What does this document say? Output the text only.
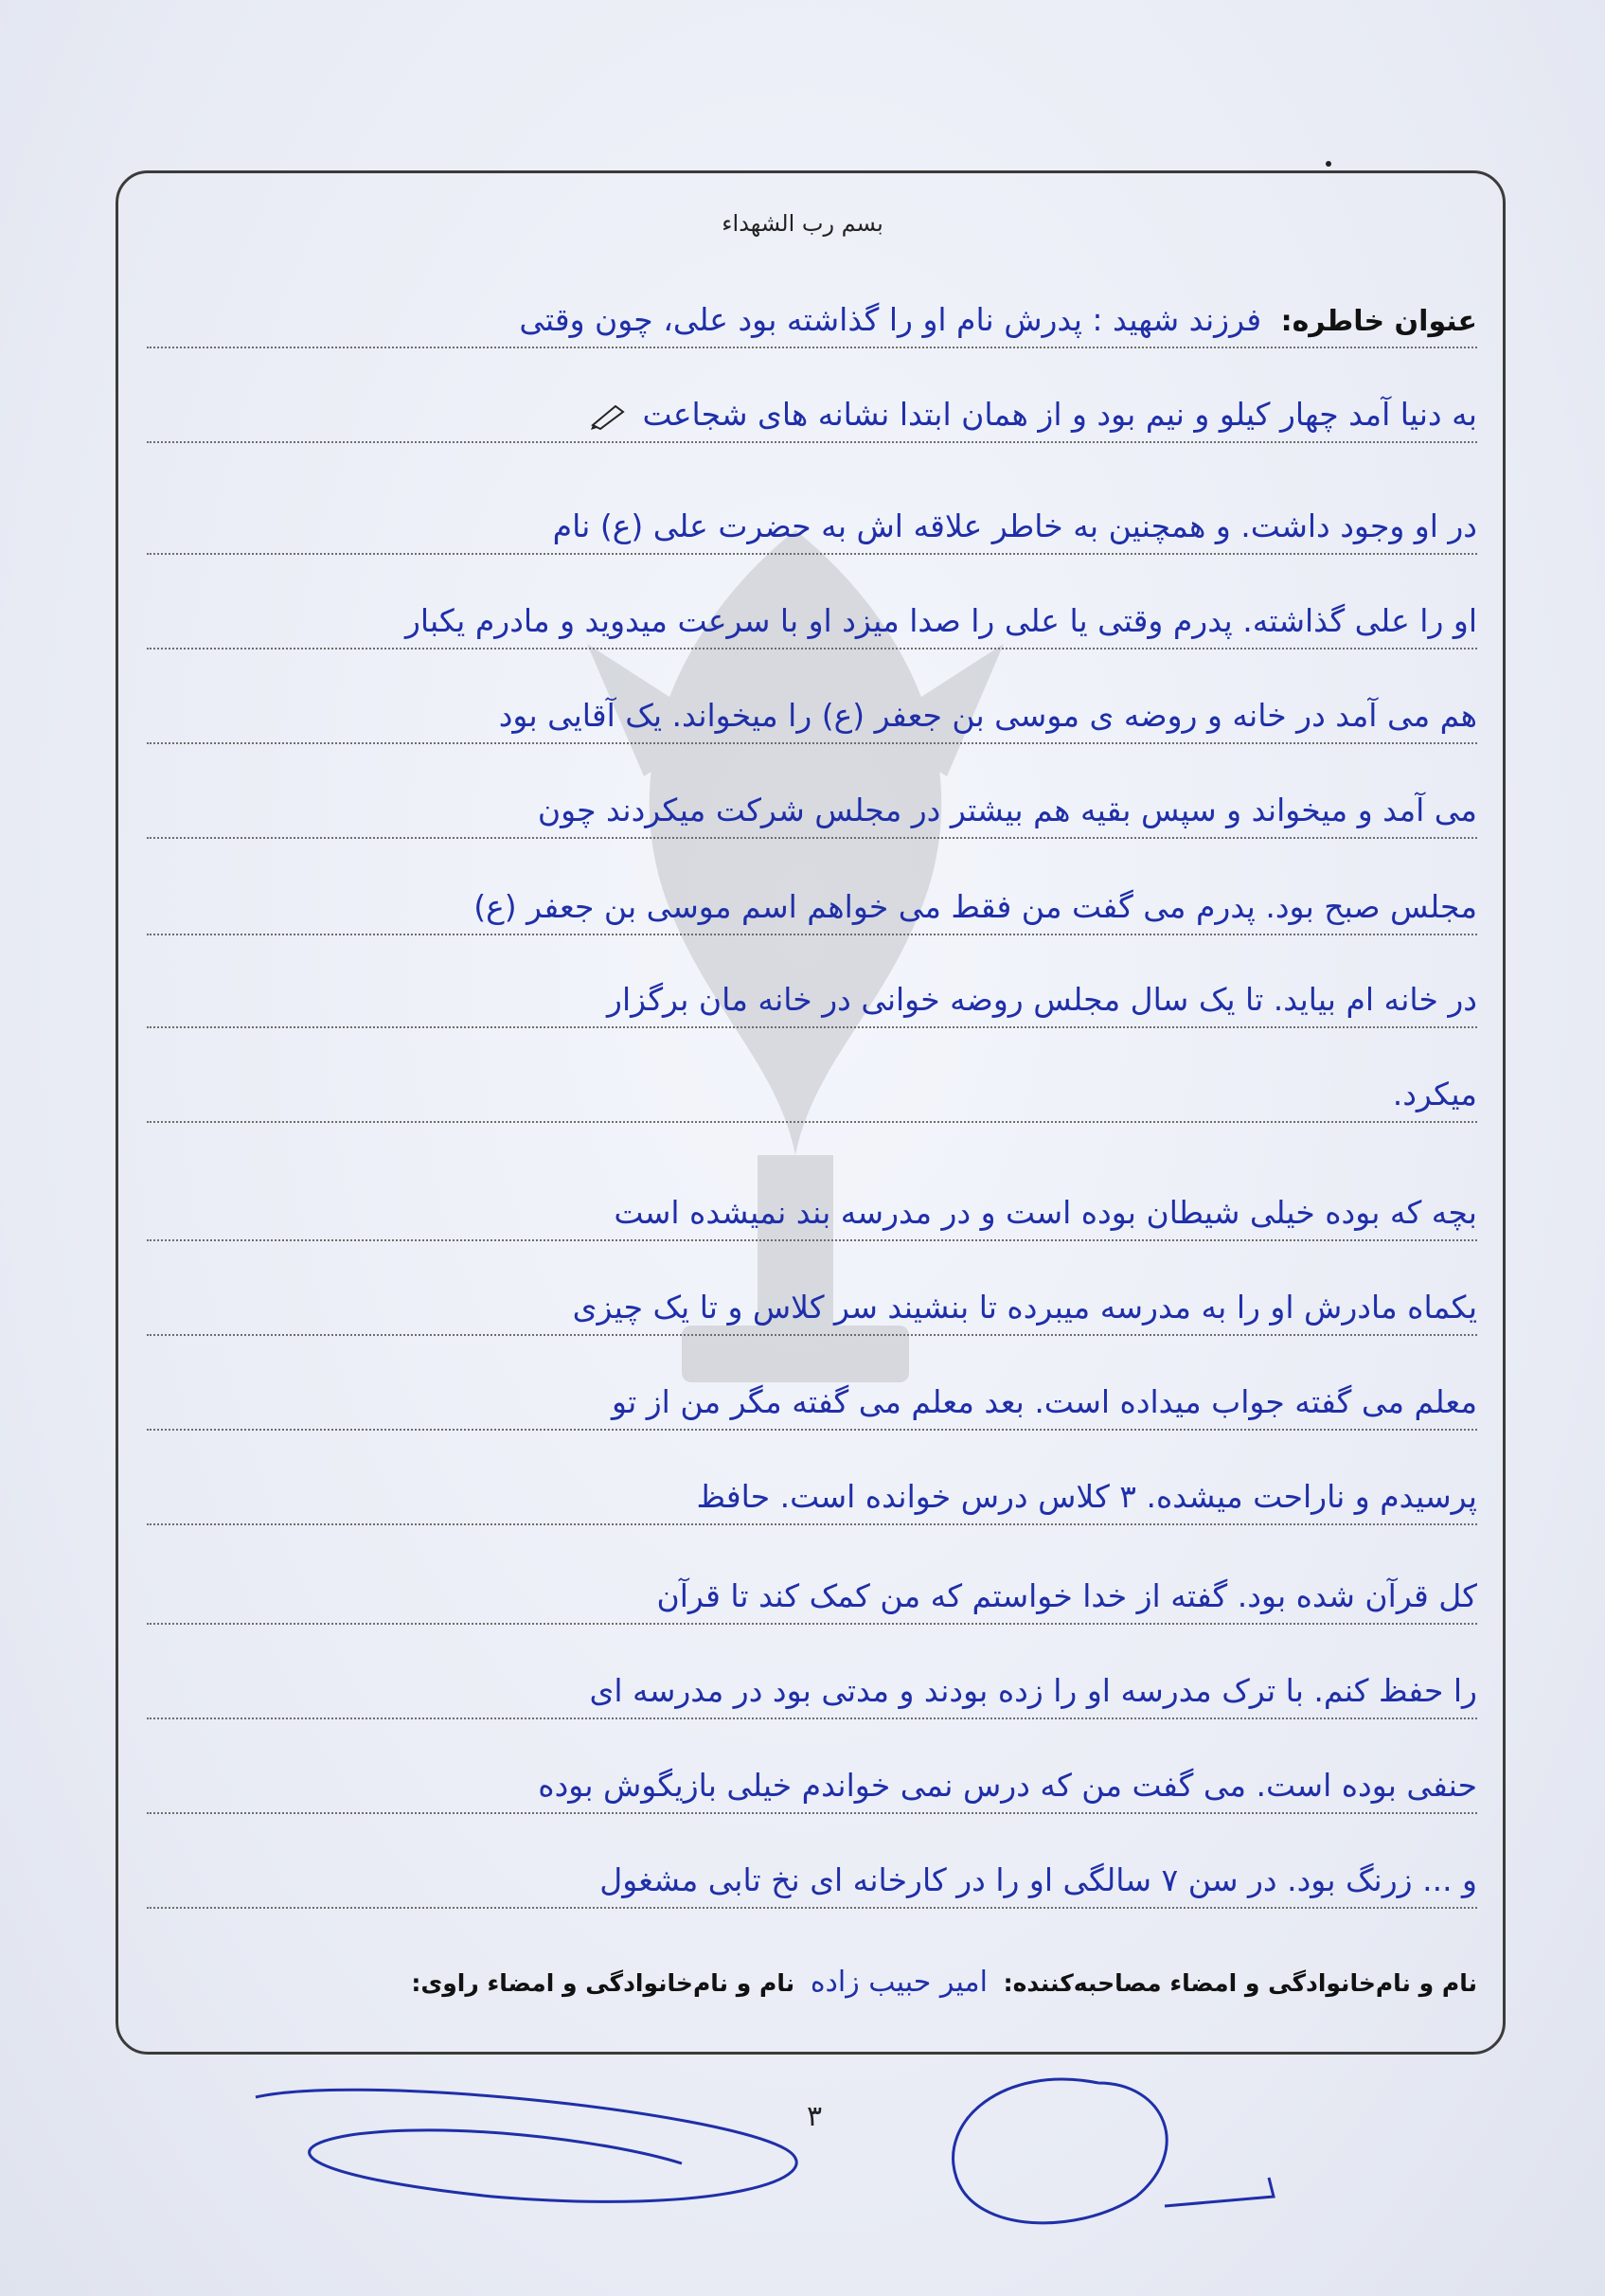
بسم رب الشهداء
عنوان خاطره: فرزند شهید : پدرش نام او را گذاشته بود علی، چون وقتی
به دنیا آمد چهار کیلو و نیم بود و از همان ابتدا نشانه های شجاعت
در او وجود داشت. و همچنین به خاطر علاقه اش به حضرت علی (ع) نام
او را علی گذاشته. پدرم وقتی یا علی را صدا میزد او با سرعت میدوید و مادرم یکبار
هم می آمد در خانه و روضه ی موسی بن جعفر (ع) را میخواند. یک آقایی بود
می آمد و میخواند و سپس بقیه هم بیشتر در مجلس شرکت میکردند چون
مجلس صبح بود. پدرم می گفت من فقط می خواهم اسم موسی بن جعفر (ع)
در خانه ام بیاید. تا یک سال مجلس روضه خوانی در خانه مان برگزار
میکرد.
بچه که بوده خیلی شیطان بوده است و در مدرسه بند نمیشده است
یکماه مادرش او را به مدرسه میبرده تا بنشیند سر کلاس و تا یک چیزی
معلم می گفته جواب میداده است. بعد معلم می گفته مگر من از تو
پرسیدم و ناراحت میشده. ۳ کلاس درس خوانده است. حافظ
کل قرآن شده بود. گفته از خدا خواستم که من کمک کند تا قرآن
را حفظ کنم. با ترک مدرسه او را زده بودند و مدتی بود در مدرسه ای
حنفی بوده است. می گفت من که درس نمی خواندم خیلی بازیگوش بوده
و ... زرنگ بود. در سن ۷ سالگی او را در کارخانه ای نخ تابی مشغول
نام و نام‌خانوادگی و امضاء مصاحبه‌کننده: امیر حبیب زاده نام و نام‌خانوادگی و امضاء راوی:
۳
